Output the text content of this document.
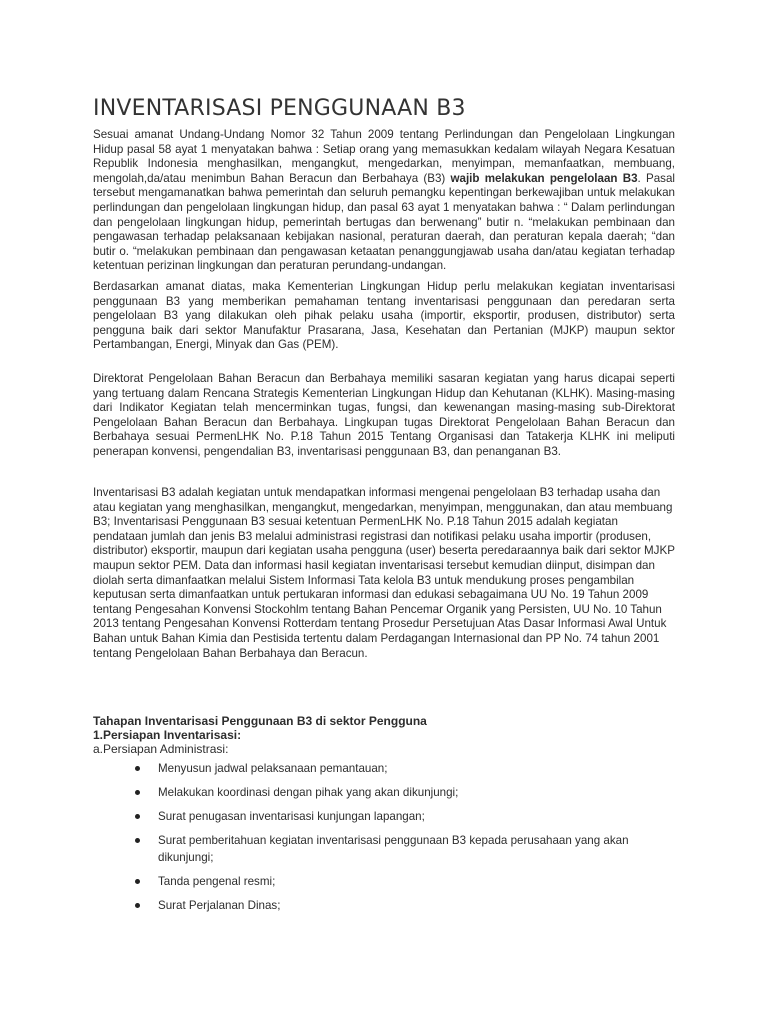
INVENTARISASI PENGGUNAAN B3

Sesuai amanat Undang-Undang Nomor 32 Tahun 2009 tentang Perlindungan dan Pengelolaan Lingkungan Hidup pasal 58 ayat 1 menyatakan bahwa : Setiap orang yang memasukkan kedalam wilayah Negara Kesatuan Republik Indonesia menghasilkan, mengangkut, mengedarkan, menyimpan, memanfaatkan, membuang, mengolah,da/atau menimbun Bahan Beracun dan Berbahaya (B3) wajib melakukan pengelolaan B3. Pasal tersebut mengamanatkan bahwa pemerintah dan seluruh pemangku kepentingan berkewajiban untuk melakukan perlindungan dan pengelolaan lingkungan hidup, dan pasal 63 ayat 1 menyatakan bahwa : “ Dalam perlindungan dan pengelolaan lingkungan hidup, pemerintah bertugas dan berwenang” butir n. “melakukan pembinaan dan pengawasan terhadap pelaksanaan kebijakan nasional, peraturan daerah, dan peraturan kepala daerah; “dan butir o. “melakukan pembinaan dan pengawasan ketaatan penanggungjawab usaha dan/atau kegiatan terhadap ketentuan perizinan lingkungan dan peraturan perundang-undangan.

Berdasarkan amanat diatas, maka Kementerian Lingkungan Hidup perlu melakukan kegiatan inventarisasi penggunaan B3 yang memberikan pemahaman tentang inventarisasi penggunaan dan peredaran serta pengelolaan B3 yang dilakukan oleh pihak pelaku usaha (importir, eksportir, produsen, distributor) serta pengguna baik dari sektor Manufaktur Prasarana, Jasa, Kesehatan dan Pertanian (MJKP) maupun sektor Pertambangan, Energi, Minyak dan Gas (PEM).

Direktorat Pengelolaan Bahan Beracun dan Berbahaya memiliki sasaran kegiatan yang harus dicapai seperti yang tertuang dalam Rencana Strategis Kementerian Lingkungan Hidup dan Kehutanan (KLHK). Masing-masing dari Indikator Kegiatan telah mencerminkan tugas, fungsi, dan kewenangan masing-masing sub-Direktorat Pengelolaan Bahan Beracun dan Berbahaya. Lingkupan tugas Direktorat Pengelolaan Bahan Beracun dan Berbahaya sesuai PermenLHK No. P.18 Tahun 2015 Tentang Organisasi dan Tatakerja KLHK ini meliputi penerapan konvensi, pengendalian B3, inventarisasi penggunaan B3, dan penanganan B3.

Inventarisasi B3 adalah kegiatan untuk mendapatkan informasi mengenai pengelolaan B3 terhadap usaha dan atau kegiatan yang menghasilkan, mengangkut, mengedarkan, menyimpan, menggunakan, dan atau membuang B3; Inventarisasi Penggunaan B3 sesuai ketentuan PermenLHK No. P.18 Tahun 2015 adalah kegiatan pendataan jumlah dan jenis B3 melalui administrasi registrasi dan notifikasi pelaku usaha importir (produsen, distributor) eksportir, maupun dari kegiatan usaha pengguna (user) beserta peredaraannya baik dari sektor MJKP maupun sektor PEM. Data dan informasi hasil kegiatan inventarisasi tersebut kemudian diinput, disimpan dan diolah serta dimanfaatkan melalui Sistem Informasi Tata kelola B3 untuk mendukung proses pengambilan keputusan serta dimanfaatkan untuk pertukaran informasi dan edukasi sebagaimana UU No. 19 Tahun 2009 tentang Pengesahan Konvensi Stockohlm tentang Bahan Pencemar Organik yang Persisten, UU No. 10 Tahun 2013 tentang Pengesahan Konvensi Rotterdam tentang Prosedur Persetujuan Atas Dasar Informasi Awal Untuk Bahan untuk Bahan Kimia dan Pestisida tertentu dalam Perdagangan Internasional dan PP No. 74 tahun 2001 tentang Pengelolaan Bahan Berbahaya dan Beracun.

Tahapan Inventarisasi Penggunaan B3 di sektor Pengguna

1.Persiapan Inventarisasi:

a.Persiapan Administrasi:

Menyusun jadwal pelaksanaan pemantauan;
Melakukan koordinasi dengan pihak yang akan dikunjungi;
Surat penugasan inventarisasi kunjungan lapangan;
Surat pemberitahuan kegiatan inventarisasi penggunaan B3 kepada perusahaan yang akan dikunjungi;
Tanda pengenal resmi;
Surat Perjalanan Dinas;
